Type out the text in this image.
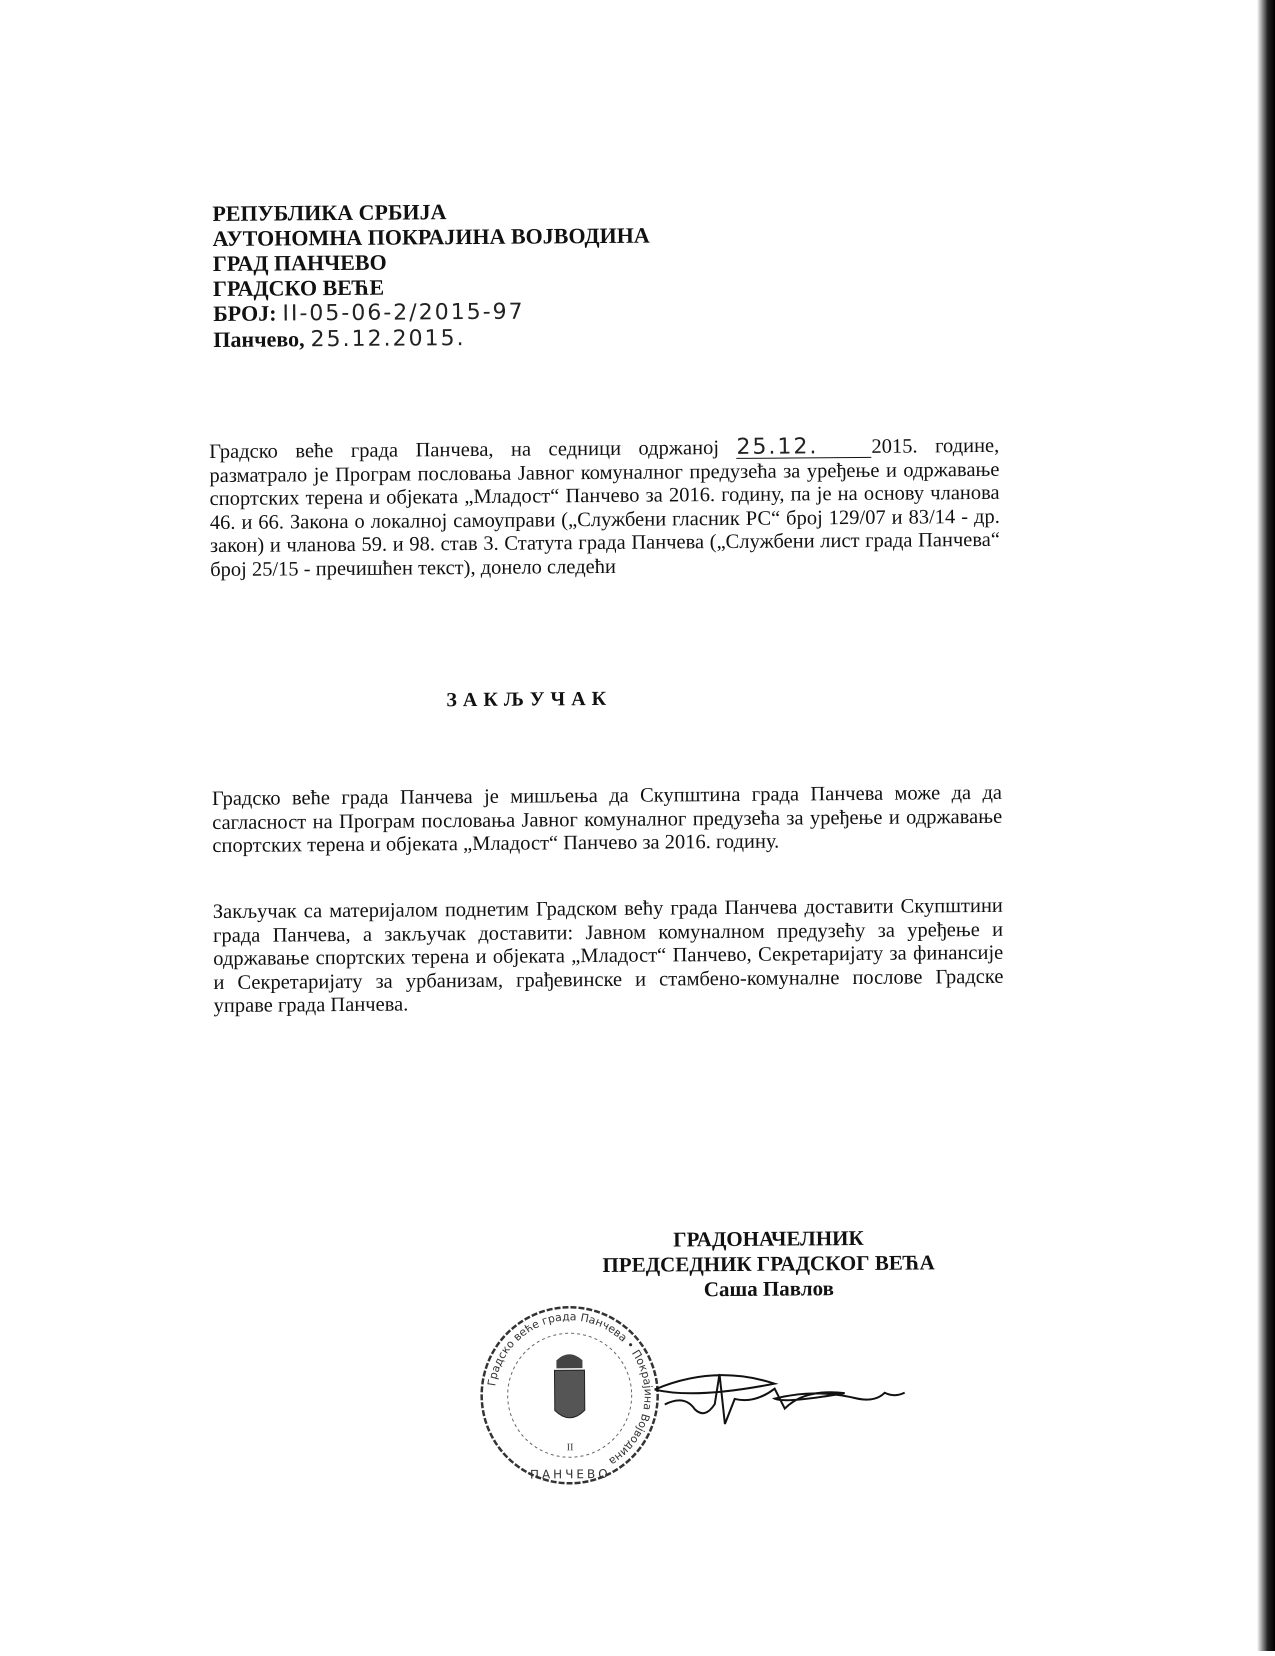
РЕПУБЛИКА СРБИЈА
АУТОНОМНА ПОКРАЈИНА ВОЈВОДИНА
ГРАД ПАНЧЕВО
ГРАДСКО ВЕЋЕ
БРОЈ: II-05-06-2/2015-97
Панчево, 25.12.2015.
Градско веће града Панчева, на седници одржаној 25.12.	2015. године, разматрало је Програм пословања Јавног комуналног предузећа за уређење и одржавање спортских терена и објеката „Младост“ Панчево за 2016. годину, па је на основу чланова 46. и 66. Закона о локалној самоуправи („Службени гласник РС“ број 129/07 и 83/14 - др. закон) и чланова 59. и 98. став 3. Статута града Панчева („Службени лист града Панчева“ број 25/15 - пречишћен текст), донело следећи
ЗАКЉУЧАК
Градско веће града Панчева је мишљења да Скупштина града Панчева може да да сагласност на Програм пословања Јавног комуналног предузећа за уређење и одржавање спортских терена и објеката „Младост“ Панчево за 2016. годину.
Закључак са материјалом поднетим Градском већу града Панчева доставити Скупштини града Панчева, а закључак доставити: Јавном комуналном предузећу за уређење и одржавање спортских терена и објеката „Младост“ Панчево, Секретаријату за финансије и Секретаријату за урбанизам, грађевинске и стамбено-комуналне послове Градске управе града Панчева.
ГРАДОНАЧЕЛНИК
ПРЕДСЕДНИК ГРАДСКОГ ВЕЋА
Саша Павлов
Градско веће града Панчева • Покрајина Војводина
ПАНЧЕВО
II
